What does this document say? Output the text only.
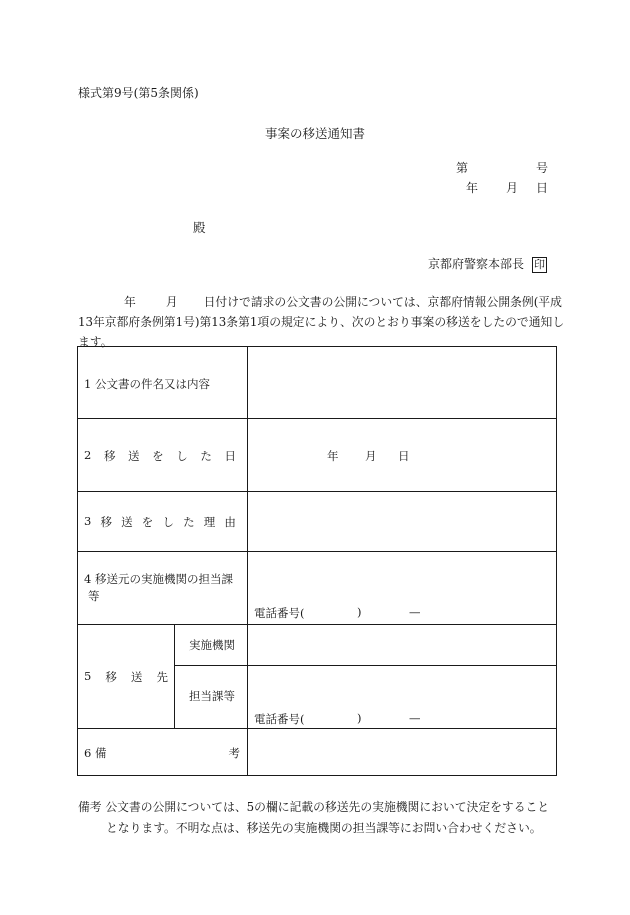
様式第9号(第5条関係)
事案の移送通知書
第	号
年 月 日
殿
京都府警察本部長 印
年	月 日付けで請求の公文書の公開については、京都府情報公開条例(平成
13年京都府条例第1号)第13条第1項の規定により、次のとおり事案の移送をしたので通知し
ます。
1 公文書の件名又は内容
2 移 送 を し た 日	年 月 日
3 移 送 を し た 理 由
4 移送元の実施機関の担当課
等
電話番号(	)	—
5 移 送 先
実施機関
担当課等
電話番号(	)	—
6 備	考
備考 公文書の公開については、5の欄に記載の移送先の実施機関において決定をすること
となります。不明な点は、移送先の実施機関の担当課等にお問い合わせください。
